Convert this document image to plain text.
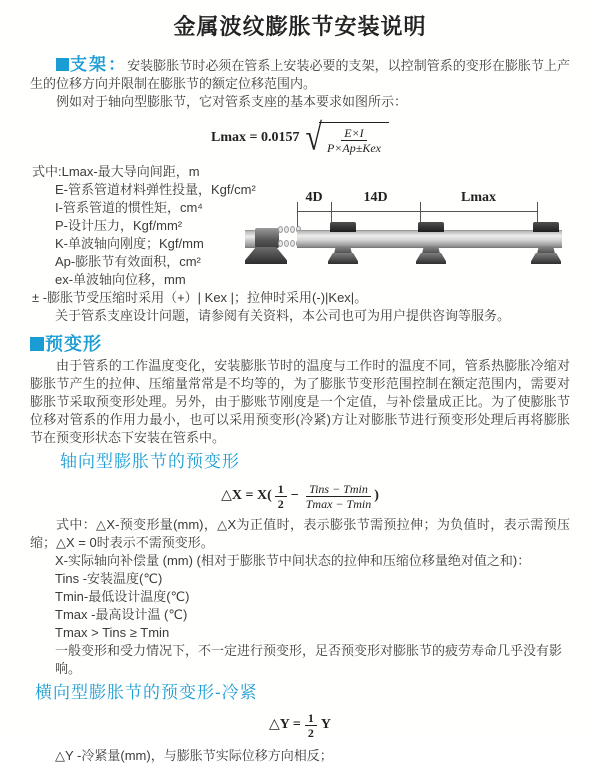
金属波纹膨胀节安装说明

支架：安装膨胀节时必须在管系上安装必要的支架，以控制管系的变形在膨胀节上产生的位移方向并限制在膨胀节的额定位移范围内。

例如对于轴向型膨胀节，它对管系支座的基本要求如图所示：

Lmax = 0.0157 √ $\frac{E\times I}{\text{P×Ap±Kex}}$

式中:Lmax-最大导向间距，m

E-管系管道材料弹性投量，Kgf/cm²

I-管系管道的惯性矩，cm⁴

P-设计压力，Kgf/mm²

K-单波轴向刚度；Kgf/mm

Ap-膨胀节有效面积，cm²

ex-单波轴向位移，mm

± -膨胀节受压缩时采用（+）| Kex |；拉伸时采用(-)|Kex|。

关于管系支座设计问题，请参阅有关资料，本公司也可为用户提供咨询等服务。

4D	14D	Lmax
预变形

由于管系的工作温度变化，安装膨胀节时的温度与工作时的温度不同，管系热膨胀冷缩对膨胀节产生的拉伸、压缩量常常是不均等的，为了膨胀节变形范围控制在额定范围内，需要对膨胀节采取预变形处理。另外，由于膨账节刚度是一个定值，与补偿量成正比。为了使膨胀节位移对管系的作用力最小，也可以采用预变形(冷紧)方让对膨胀节进行预变形处理后再将膨胀节在预变形状态下安装在管系中。

轴向型膨胀节的预变形
△X = $X( \frac{1}{2} - \frac{\text{Tins − Tmin}}{Tmax - Tmin}$ )

式中：△X-预变形量(mm)，△X为正值时，表示膨张节需预拉伸；为负值时，表示需预压缩；△X = 0时表示不需预变形。

X-实际轴向补偿量 (mm) (相对于膨胀节中间状态的拉伸和压缩位移量绝对值之和)：

Tins -安装温度(℃)

Tmin-最低设计温度(℃)

Tmax -最高设计温 (℃)

Tmax > Tins ≥ Tmin

一般变形和受力情况下，不一定进行预变形，足否预变形对膨胀节的疲劳寿命几乎没有影响。

横向型膨胀节的预变形-冷紧
△Y = $\frac{1}{2}$ Y

△Y -冷紧量(mm)，与膨胀节实际位移方向相反；
